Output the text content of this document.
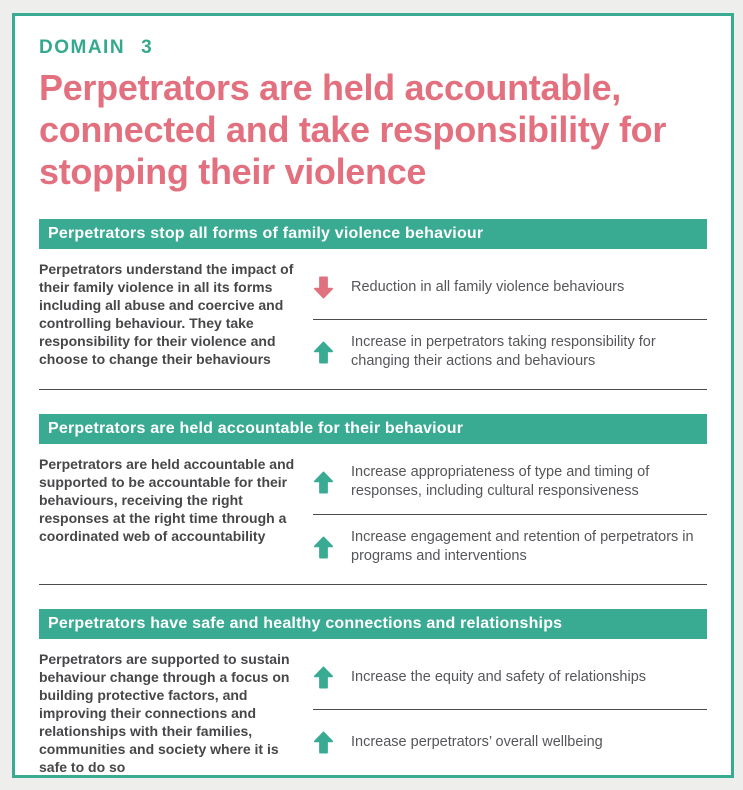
DOMAIN 3
Perpetrators are held accountable, connected and take responsibility for stopping their violence
Perpetrators stop all forms of family violence behaviour
Perpetrators understand the impact of their family violence in all its forms including all abuse and coercive and controlling behaviour. They take responsibility for their violence and choose to change their behaviours
Reduction in all family violence behaviours
Increase in perpetrators taking responsibility for changing their actions and behaviours
Perpetrators are held accountable for their behaviour
Perpetrators are held accountable and supported to be accountable for their behaviours, receiving the right responses at the right time through a coordinated web of accountability
Increase appropriateness of type and timing of responses, including cultural responsiveness
Increase engagement and retention of perpetrators in programs and interventions
Perpetrators have safe and healthy connections and relationships
Perpetrators are supported to sustain behaviour change through a focus on building protective factors, and improving their connections and relationships with their families, communities and society where it is safe to do so
Increase the equity and safety of relationships
Increase perpetrators’ overall wellbeing
